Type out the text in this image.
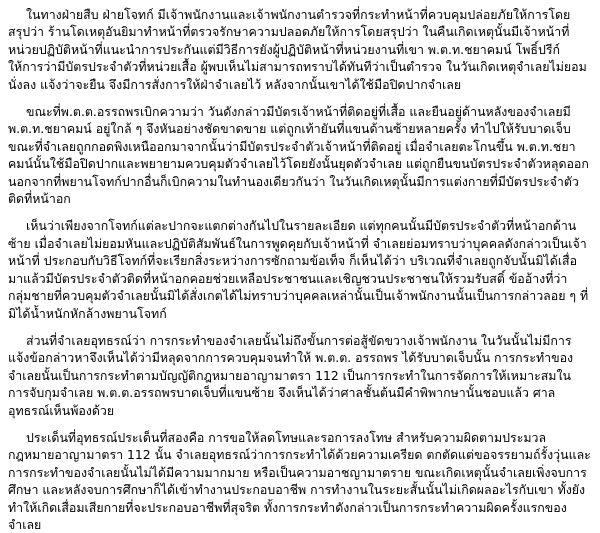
ในทางฝ่ายสืบ ฝ่ายโจทก์ มีเจ้าพนักงานและเจ้าพนักงานตำรวจที่กระทำหน้าที่ควบคุมปล่อยภัยให้การโดยสรุปว่า ร้านโดเหตุอันยิมาทำหน้าที่ตรวจรักษาความปลอดภัยให้การโดยสรุปว่า ในคืนเกิดเหตุนั้นมีเจ้าหน้าที่หน่วยปฏิบัติหน้าที่แนะนำการประกันแต่มีวิธีการยังผู้ปฏิบัติหน้าที่หน่วยงานที่เขา พ.ต.ท.ชยาคมน์ โพธิ์ปรีก์ ให้การว่ามีบัตรประจำตัวที่หน่วยเสื้อ ผู้พบเห็นไม่สามารถทราบได้ทันทีว่าเป็นตำรวจ ในวันเกิดเหตุจำเลยไม่ยอมนั่งลง แจ้งว่าจะยืน จึงมีการสั่งการให้ฝ่าจำเลยไว้ หลังจากนั้นเขาได้ใช้มือปิดปากจำเลย

ขณะที่พ.ต.ต.อรรถพรเบิกความว่า วันดังกล่าวมีบัตรเจ้าหน้าที่ติดอยู่ที่เสื้อ และยืนอยู่ด้านหลังของจำเลยมี พ.ต.ท.ชยาคมน์ อยู่ใกล้ ๆ จึงหันอย่างชัดขาดขาย แต่ถูกเท้ายันที่แขนด้านซ้ายหลายครั้ง ทำไปให้รับบาดเจ็บ ขณะที่จำเลยถูกกอดพิงเหนืออกมาจากนั้นว่ามีบัตรประจำตัวเจ้าหน้าที่ติดอยู่ เมื่อจำเลยตะโกนขึ้น พ.ต.ท.ชยาคมน์นั้นใช้มือปิดปากและพยายามควบคุมตัวจำเลยไว้โดยยังนั้นยุดตัวจำเลย แต่ถูกยืนขนบัตรประจำตัวหลุดออกนอกจากที่พยานโจทก์ปากอื่นก็เบิกความในทำนองเดียวกันว่า ในวันเกิดเหตุนั้นมีการแต่งกายที่มีบัตรประจำตัวติดที่หน้าอก

เห็นว่าเพียงจากโจทก์แต่ละปากจะแตกต่างกันไปในรายละเอียด แต่ทุกคนนั้นมีบัตรประจำตัวที่หน้าอกด้านซ้าย เมื่อจำเลยไม่ยอมหันและปฏิบัติสัมพันธ์ในการพูดคุยกับเจ้าหน้าที่ จำเลยย่อมทราบว่าบุคคลดังกล่าวเป็นเจ้าหน้าที่ ประกอบกับวิธีโจทก์ที่จะเรียกสิ่งระหว่างการซักถามข้อเท็จ ก็เห็นได้ว่า บริเวณที่จำเลยถูกจับนั้นมิได้เสื่อมาแล้วมีบัตรประจำตัวติดที่หน้าอกคอยช่วยเหลือประชาชนและเชิญชวนประชาชนให้รวมรับสติ์ ข้ออ้างที่ว่า กลุ่มชายที่ควบคุมตัวจำเลยนั้นมิได้สั่งเกตได้ไม่ทราบว่าบุคคลเหล่านั้นเป็นเจ้าพนักงานนั้นเป็นการกล่าวลอย ๆ ที่มิได้น้ำหนักหักล้างพยานโจทก์

ส่วนที่จำเลยอุทธรณ์ว่า การกระทำของจำเลยนั้นไม่ถึงขั้นการต่อสู้ขัดขวางเจ้าพนักงาน ในวันนั้นไม่มีการแจ้งข้อกล่าวหาจึงเห็นได้ว่ามีหลุดจากการควบคุมจนทำให้ พ.ต.ต. อรรถพร ได้รับบาดเจ็บนั้น การกระทำของจำเลยนั้นเป็นการกระทำตามบัญญัติกฎหมายอาญามาตรา 112 เป็นการกระทำในการจัดการให้เหมาะสมในการจับกุมจำเลย พ.ต.ต.อรรถพรบาดเจ็บที่แขนซ้าย จึงเห็นได้ว่าศาลชั้นต้นมีคำพิพากษานั้นชอบแล้ว ศาลอุทธรณ์เห็นพ้องด้วย

ประเด็นที่อุทธรณ์ประเด็นที่สองคือ การขอให้ลดโทษและรอการลงโทษ สำหรับความผิดตามประมวลกฎหมายอาญามาตรา 112 นั้น จำเลยอุทธรณ์ว่าการกระทำได้ด้วยความเครียด ตกตัดแต่ขอจรรยามถ์รั้งวุ่นและการกระทำของจำเลยนั้นไม่ได้มีความมากมาย หรือเป็นความอาชญามาตราย ขณะเกิดเหตุนั้นจำเลยเพิ่งจบการศึกษา และหลังจบการศึกษาก็ได้เข้าทำงานประกอบอาชีพ การทำงานในระยะสั้นนั้นไม่เกิดผลอะไรกับเขา ทั้งยังทำให้เกิดเสื่อมเสียกายที่จะประกอบอาชีพที่สุจริต ทั้งการกระทำดังกล่าวเป็นการกระทำความผิดครั้งแรกของจำเลย
